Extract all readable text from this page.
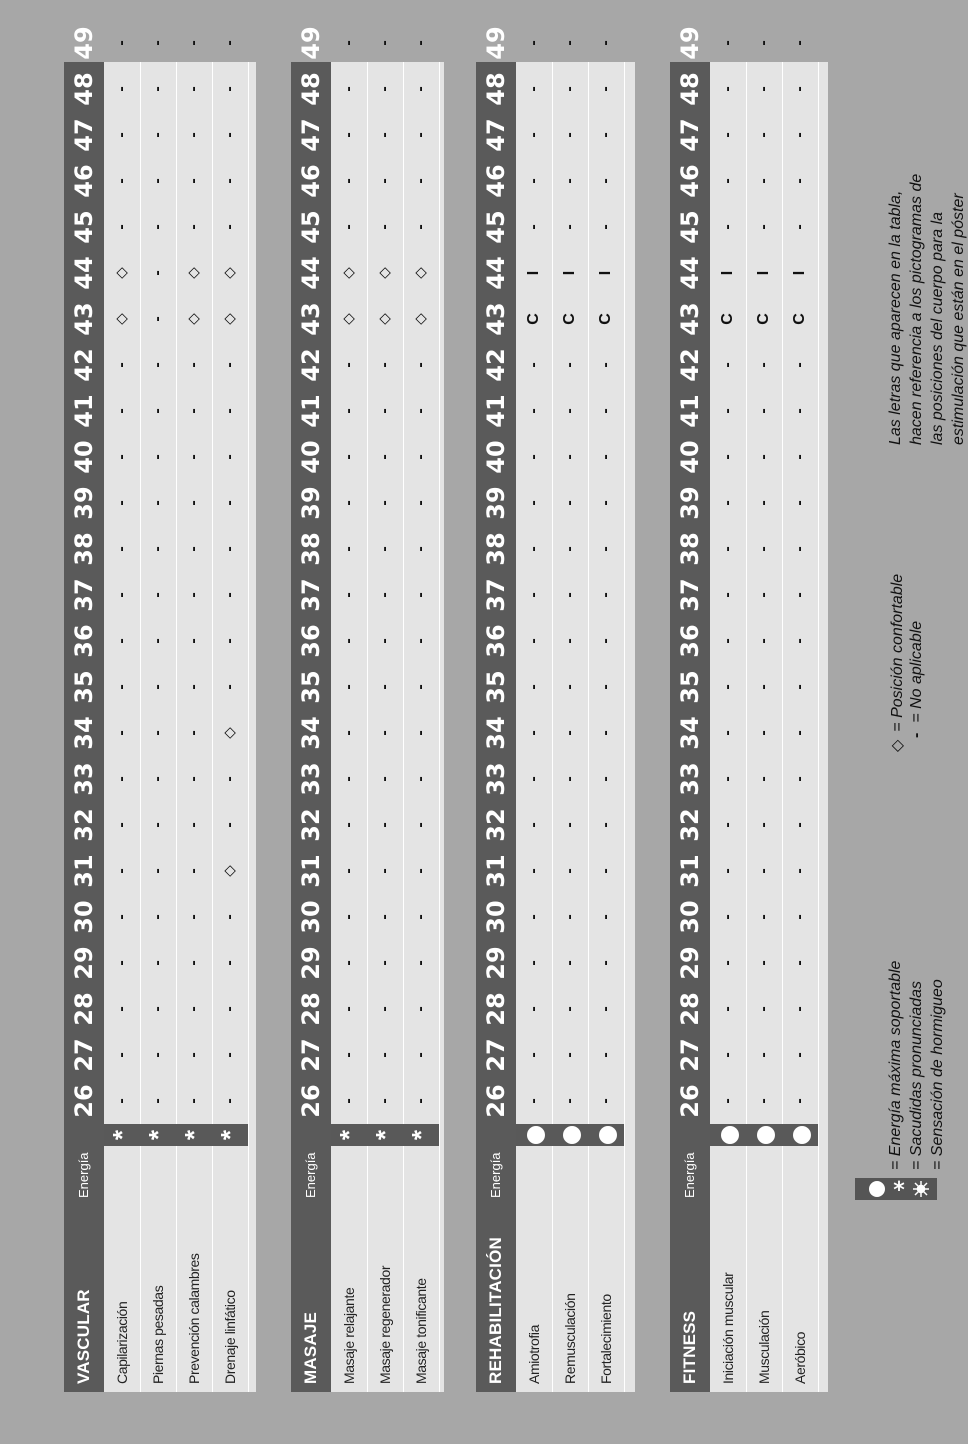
VASCULAR
Energía
26
27
28
29
30
31
32
33
34
35
36
37
38
39
40
41
42
43
44
45
46
47
48
49
Capilarización
*
-
-
-
-
-
-
-
-
-
-
-
-
-
-
-
-
-
◇
◇
-
-
-
-
-
Piernas pesadas
*
-
-
-
-
-
-
-
-
-
-
-
-
-
-
-
-
-
-
-
-
-
-
-
-
Prevención calambres
*
-
-
-
-
-
-
-
-
-
-
-
-
-
-
-
-
-
◇
◇
-
-
-
-
-
Drenaje linfático
*
-
-
-
-
-
◇
-
-
◇
-
-
-
-
-
-
-
-
◇
◇
-
-
-
-
-
MASAJE
Energía
26
27
28
29
30
31
32
33
34
35
36
37
38
39
40
41
42
43
44
45
46
47
48
49
Masaje relajante
*
-
-
-
-
-
-
-
-
-
-
-
-
-
-
-
-
-
◇
◇
-
-
-
-
-
Masaje regenerador
*
-
-
-
-
-
-
-
-
-
-
-
-
-
-
-
-
-
◇
◇
-
-
-
-
-
Masaje tonificante
*
-
-
-
-
-
-
-
-
-
-
-
-
-
-
-
-
-
◇
◇
-
-
-
-
-
REHABILITACIÓN
Energía
26
27
28
29
30
31
32
33
34
35
36
37
38
39
40
41
42
43
44
45
46
47
48
49
Amiotrofia
-
-
-
-
-
-
-
-
-
-
-
-
-
-
-
-
-
C
I
-
-
-
-
-
Remusculación
-
-
-
-
-
-
-
-
-
-
-
-
-
-
-
-
-
C
I
-
-
-
-
-
Fortalecimiento
-
-
-
-
-
-
-
-
-
-
-
-
-
-
-
-
-
C
I
-
-
-
-
-
FITNESS
Energía
26
27
28
29
30
31
32
33
34
35
36
37
38
39
40
41
42
43
44
45
46
47
48
49
Iniciación muscular
-
-
-
-
-
-
-
-
-
-
-
-
-
-
-
-
-
C
I
-
-
-
-
-
Musculación
-
-
-
-
-
-
-
-
-
-
-
-
-
-
-
-
-
C
I
-
-
-
-
-
Aeróbico
-
-
-
-
-
-
-
-
-
-
-
-
-
-
-
-
-
C
I
-
-
-
-
-
*
= Energía máxima soportable = Sacudidas pronunciadas = Sensación de hormigueo
◇= Posición confortable
-= No aplicable
Las letras que aparecen en la tabla, hacen referencia a los pictogramas de las posiciones del cuerpo para la estimulación que están en el póster
